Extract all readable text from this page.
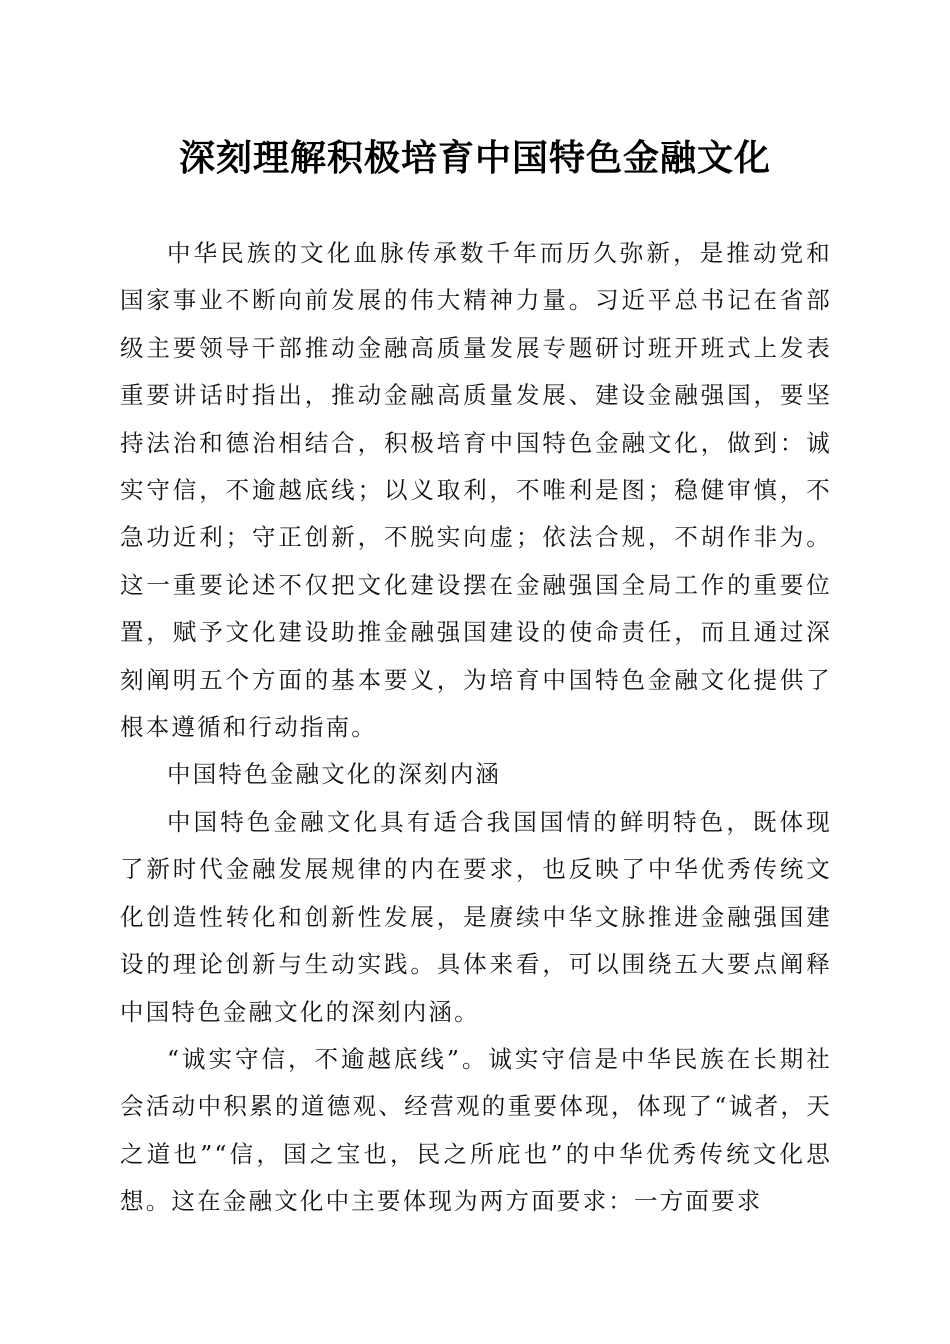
深刻理解积极培育中国特色金融文化

中华民族的文化血脉传承数千年而历久弥新，是推动党和国家事业不断向前发展的伟大精神力量。习近平总书记在省部级主要领导干部推动金融高质量发展专题研讨班开班式上发表重要讲话时指出，推动金融高质量发展、建设金融强国，要坚持法治和德治相结合，积极培育中国特色金融文化，做到：诚实守信，不逾越底线；以义取利，不唯利是图；稳健审慎，不急功近利；守正创新，不脱实向虚；依法合规，不胡作非为。这一重要论述不仅把文化建设摆在金融强国全局工作的重要位置，赋予文化建设助推金融强国建设的使命责任，而且通过深刻阐明五个方面的基本要义，为培育中国特色金融文化提供了根本遵循和行动指南。

中国特色金融文化的深刻内涵

中国特色金融文化具有适合我国国情的鲜明特色，既体现了新时代金融发展规律的内在要求，也反映了中华优秀传统文化创造性转化和创新性发展，是赓续中华文脉推进金融强国建设的理论创新与生动实践。具体来看，可以围绕五大要点阐释中国特色金融文化的深刻内涵。

“诚实守信，不逾越底线”。诚实守信是中华民族在长期社会活动中积累的道德观、经营观的重要体现，体现了“诚者，天之道也”“信，国之宝也，民之所庇也”的中华优秀传统文化思想。这在金融文化中主要体现为两方面要求：一方面要求
